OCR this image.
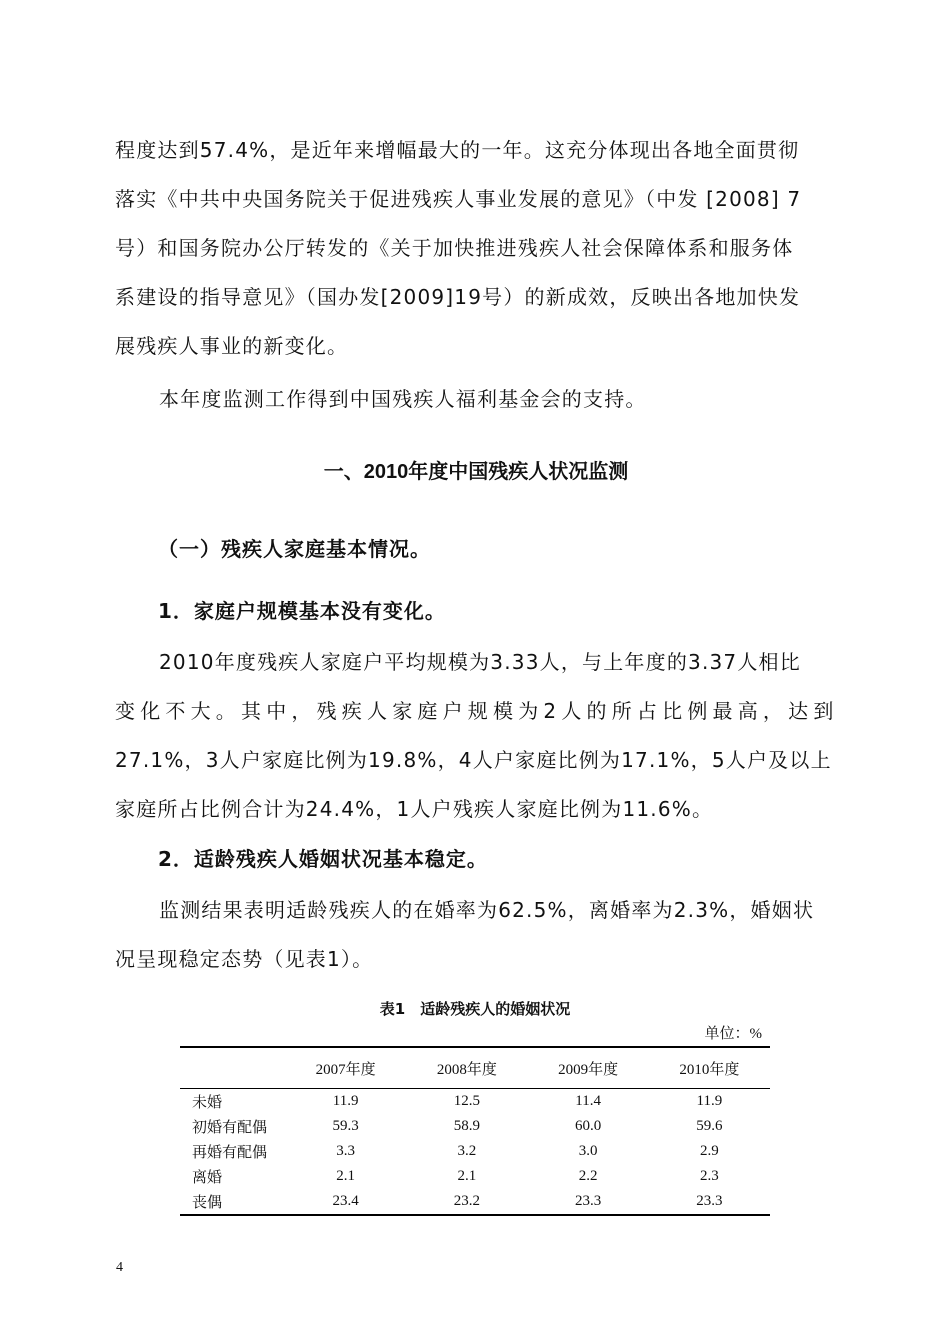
程度达到57.4%，是近年来增幅最大的一年。这充分体现出各地全面贯彻
落实《中共中央国务院关于促进残疾人事业发展的意见》（中发 [2008] 7
号）和国务院办公厅转发的《关于加快推进残疾人社会保障体系和服务体
系建设的指导意见》（国办发[2009]19号）的新成效，反映出各地加快发
展残疾人事业的新变化。
本年度监测工作得到中国残疾人福利基金会的支持。
一、2010年度中国残疾人状况监测
（一）残疾人家庭基本情况。
1．家庭户规模基本没有变化。
2010年度残疾人家庭户平均规模为3.33人，与上年度的3.37人相比
变化不大。其中，残疾人家庭户规模为2人的所占比例最高，达到
27.1%，3人户家庭比例为19.8%，4人户家庭比例为17.1%，5人户及以上
家庭所占比例合计为24.4%，1人户残疾人家庭比例为11.6%。
2．适龄残疾人婚姻状况基本稳定。
监测结果表明适龄残疾人的在婚率为62.5%，离婚率为2.3%，婚姻状
况呈现稳定态势（见表1）。
表1　适龄残疾人的婚姻状况
单位：%
	2007年度	2008年度	2009年度	2010年度
未婚	11.9	12.5	11.4	11.9
初婚有配偶	59.3	58.9	60.0	59.6
再婚有配偶	3.3	3.2	3.0	2.9
离婚	2.1	2.1	2.2	2.3
丧偶	23.4	23.2	23.3	23.3
4
